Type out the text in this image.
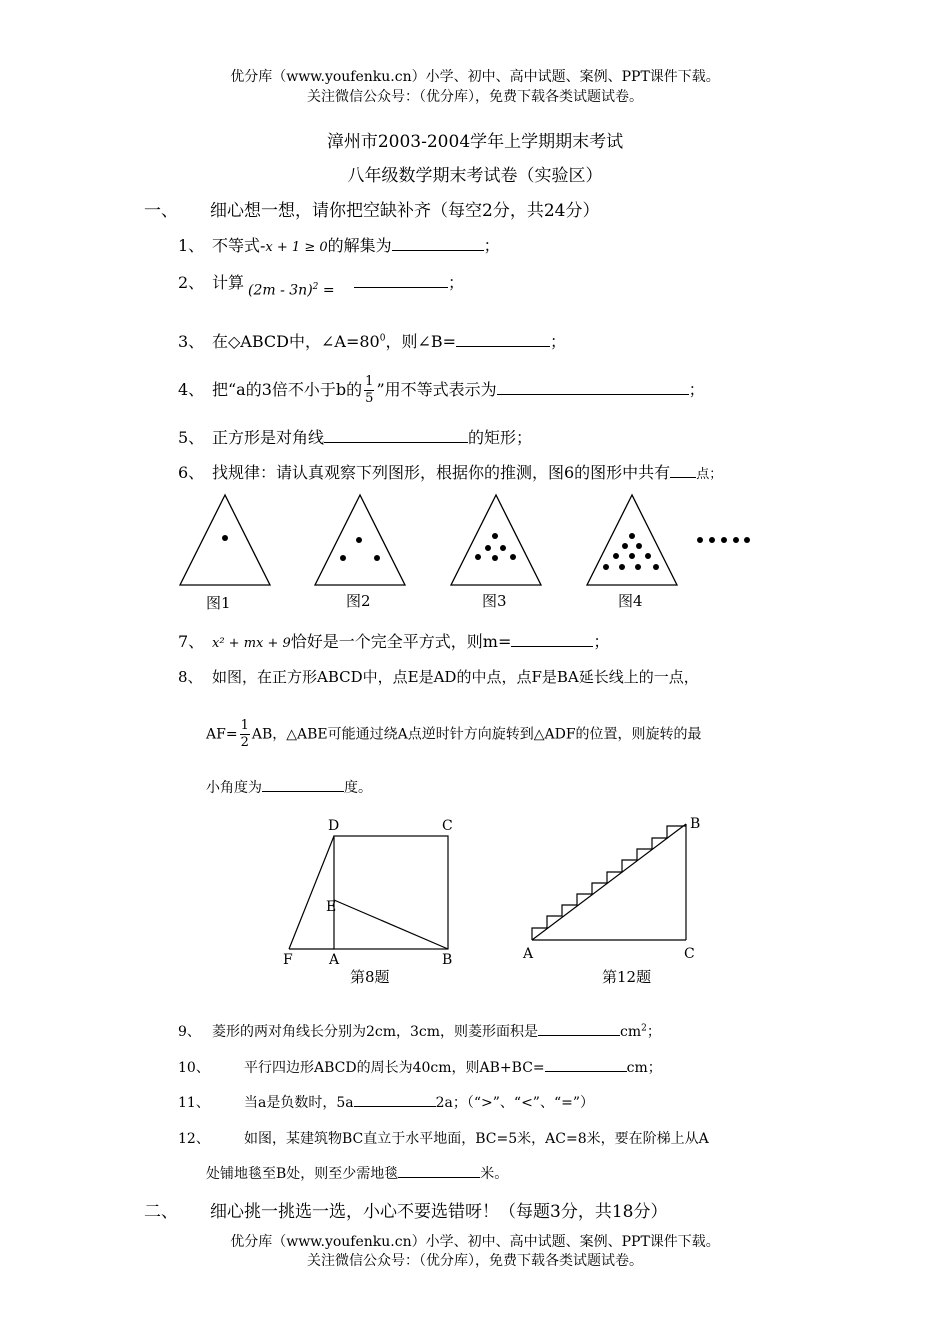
优分库（www.youfenku.cn）小学、初中、高中试题、案例、PPT课件下载。
关注微信公众号：（优分库），免费下载各类试题试卷。
漳州市2003-2004学年上学期期末考试
八年级数学期末考试卷（实验区）
一、 细心想一想，请你把空缺补齐（每空2分，共24分）
1、 不等式-x + 1 ≥ 0的解集为	；
2、 计算 (2m - 3n)$^2$ =	；
3、 在◇ABCD中，$\angle A=80^0$，则∠B=	；
4、 把“a的3倍不小于b的 $\frac{1}{5}$ ”用不等式表示为	；
5、 正方形是对角线	的矩形；
6、 找规律：请认真观察下列图形，根据你的推测，图6的图形中共有 点；
图1	图2	图3	图4
7、 x² + mx + 9恰好是一个完全平方式，则m=	；
8、 如图，在正方形ABCD中，点E是AD的中点，点F是BA延长线上的一点，
$AF= \frac{1}{2}$ AB，△ABE可能通过绕A点逆时针方向旋转到△ADF的位置，则旋转的最
小角度为	度。
D	C
E
F	A	B
第8题
A
B
C
第12题
9、 菱形的两对角线长分别为2cm，3cm，则菱形面积是	$cm^2$；
10、 平行四边形ABCD的周长为40cm，则AB+BC=	cm；
11、 当a是负数时，5a	2a；（“>”、“<”、“=”）
12、 如图，某建筑物BC直立于水平地面，BC=5米，AC=8米，要在阶梯上从A
处铺地毯至B处，则至少需地毯	米。
二、 细心挑一挑选一选，小心不要选错呀！（每题3分，共18分）
优分库（www.youfenku.cn）小学、初中、高中试题、案例、PPT课件下载。
关注微信公众号：（优分库），免费下载各类试题试卷。
